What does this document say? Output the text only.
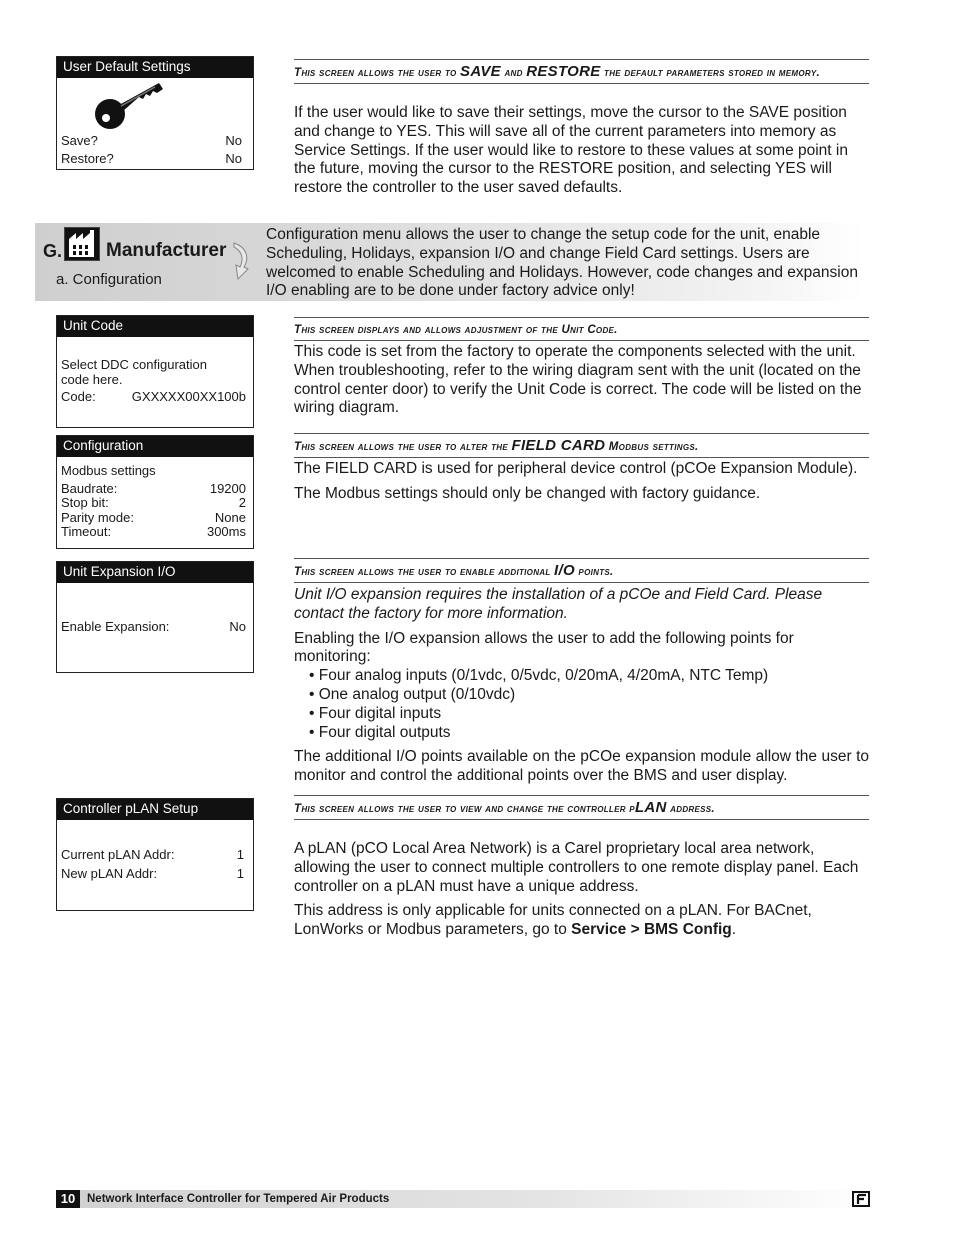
User Default Settings
Save?	No
Restore?	No
This screen allows the user to SAVE and RESTORE the default parameters stored in memory.

If the user would like to save their settings, move the cursor to the SAVE position and change to YES. This will save all of the current parameters into memory as Service Settings. If the user would like to restore to these values at some point in the future, moving the cursor to the RESTORE position, and selecting YES will restore the controller to the user saved defaults.

G. Manufacturer
a. Configuration
Configuration menu allows the user to change the setup code for the unit, enable Scheduling, Holidays, expansion I/O and change Field Card settings. Users are welcomed to enable Scheduling and Holidays. However, code changes and expansion I/O enabling are to be done under factory advice only!
Unit Code
Select DDC configuration
code here.
Code:	GXXXXX00XX100b
This screen displays and allows adjustment of the Unit Code.

This code is set from the factory to operate the components selected with the unit. When troubleshooting, refer to the wiring diagram sent with the unit (located on the control center door) to verify the Unit Code is correct. The code will be listed on the wiring diagram.

Configuration
Modbus settings
Baudrate:	19200
Stop bit:	2
Parity mode:	None
Timeout:	300ms
This screen allows the user to alter the FIELD CARD Modbus settings.

The FIELD CARD is used for peripheral device control (pCOe Expansion Module).

The Modbus settings should only be changed with factory guidance.

Unit Expansion I/O
Enable Expansion:	No
This screen allows the user to enable additional I/O points.

Unit I/O expansion requires the installation of a pCOe and Field Card. Please contact the factory for more information.

Enabling the I/O expansion allows the user to add the following points for monitoring:

• Four analog inputs (0/1vdc, 0/5vdc, 0/20mA, 4/20mA, NTC Temp)
• One analog output (0/10vdc)
• Four digital inputs
• Four digital outputs

The additional I/O points available on the pCOe expansion module allow the user to monitor and control the additional points over the BMS and user display.

Controller pLAN Setup
Current pLAN Addr:	1
New pLAN Addr:	1
This screen allows the user to view and change the controller pLAN address.

A pLAN (pCO Local Area Network) is a Carel proprietary local area network, allowing the user to connect multiple controllers to one remote display panel. Each controller on a pLAN must have a unique address.

This address is only applicable for units connected on a pLAN. For BACnet, LonWorks or Modbus parameters, go to Service > BMS Config.

10	Network Interface Controller for Tempered Air Products
